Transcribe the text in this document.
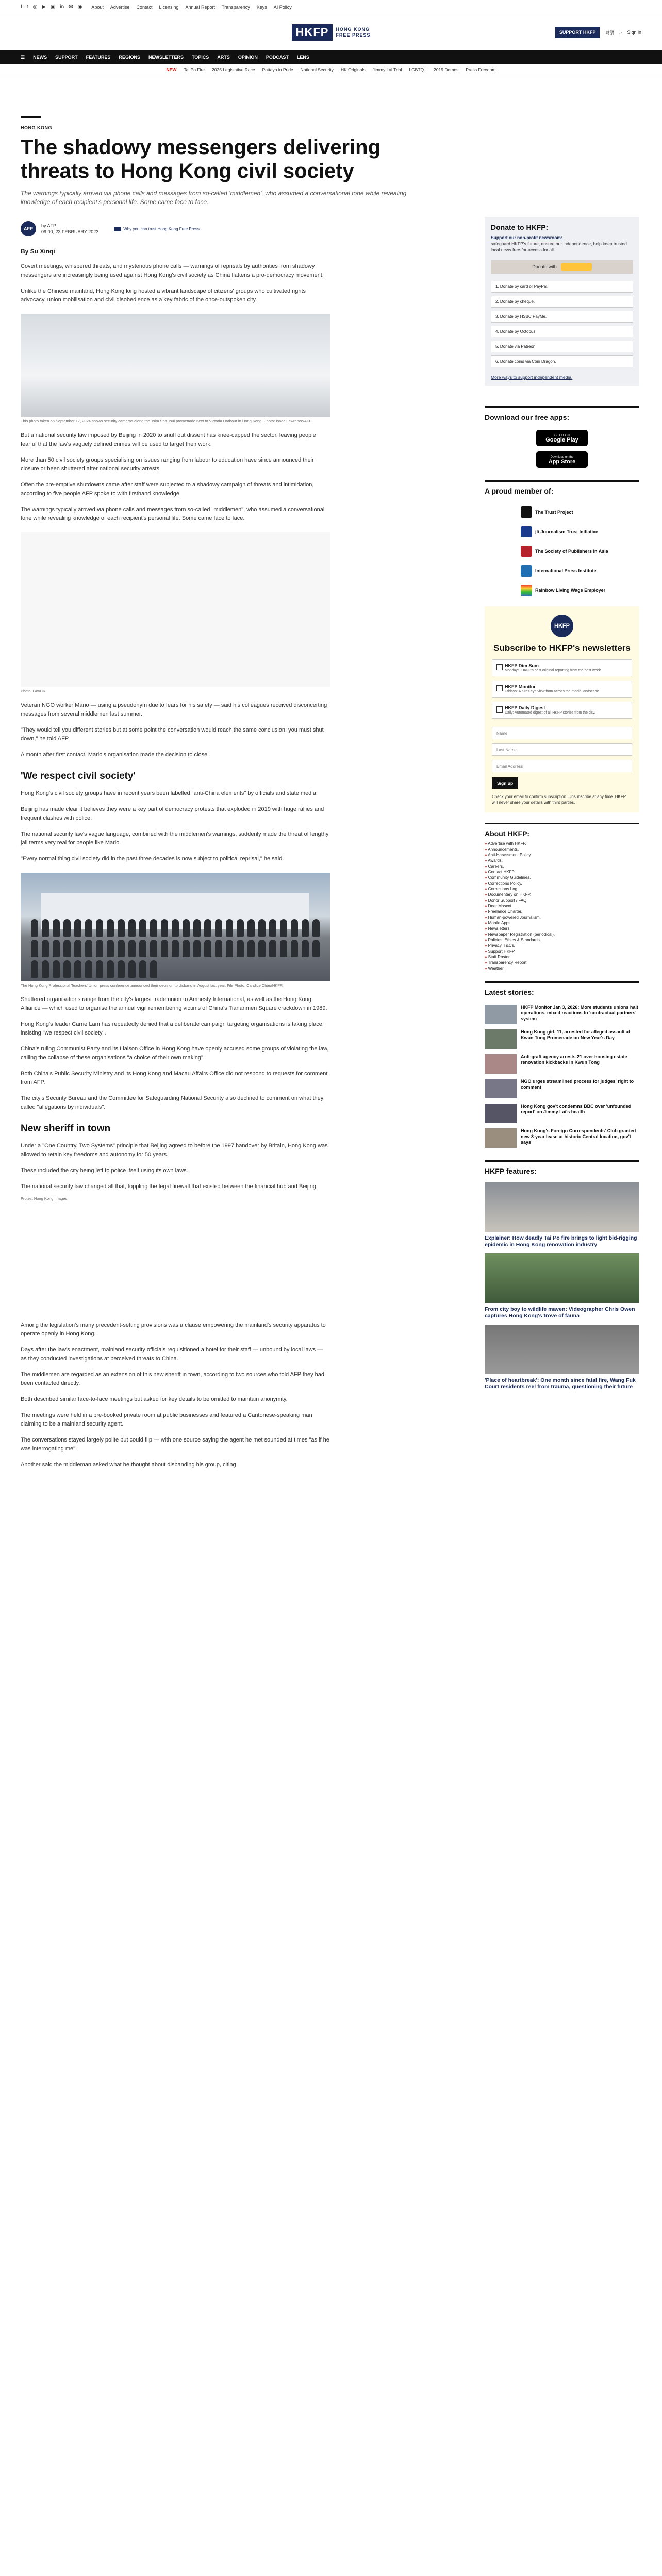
f t ◎ ▶ ▣ in ✉ ◉ About Advertise Contact Licensing Annual Report Transparency Keys AI Policy
HKFP	HONG KONG
FREE PRESS	SUPPORT HKFP	粵語 ⌕ Sign in
☰ NEWS SUPPORT FEATURES REGIONS NEWSLETTERS TOPICS ARTS OPINION PODCAST LENS
NEW Tai Po Fire 2025 Legislative Race Pattaya in Pride National Security HK Originals Jimmy Lai Trial LGBTQ+ 2019 Demos Press Freedom
HONG KONG
The shadowy messengers delivering threats to Hong Kong civil society
The warnings typically arrived via phone calls and messages from so-called 'middlemen', who assumed a conversational tone while revealing knowledge of each recipient's personal life. Some came face to face.
AFP
by AFP
09:00, 23 FEBRUARY 2023
Why you can trust Hong Kong Free Press
By Su Xinqi

Covert meetings, whispered threats, and mysterious phone calls — warnings of reprisals by authorities from shadowy messengers are increasingly being used against Hong Kong's civil society as China flattens a pro-democracy movement.

Unlike the Chinese mainland, Hong Kong long hosted a vibrant landscape of citizens' groups who cultivated rights advocacy, union mobilisation and civil disobedience as a key fabric of the once-outspoken city.

This photo taken on September 17, 2024 shows security cameras along the Tsim Sha Tsui promenade next to Victoria Harbour in Hong Kong. Photo: Isaac Lawrence/AFP.

But a national security law imposed by Beijing in 2020 to snuff out dissent has knee-capped the sector, leaving people fearful that the law's vaguely defined crimes will be used to target their work.

More than 50 civil society groups specialising on issues ranging from labour to education have since announced their closure or been shuttered after national security arrests.

Often the pre-emptive shutdowns came after staff were subjected to a shadowy campaign of threats and intimidation, according to five people AFP spoke to with firsthand knowledge.

The warnings typically arrived via phone calls and messages from so-called "middlemen", who assumed a conversational tone while revealing knowledge of each recipient's personal life. Some came face to face.

Photo: GovHK.

Veteran NGO worker Mario — using a pseudonym due to fears for his safety — said his colleagues received disconcerting messages from several middlemen last summer.

"They would tell you different stories but at some point the conversation would reach the same conclusion: you must shut down," he told AFP.

A month after first contact, Mario's organisation made the decision to close.

'We respect civil society'

Hong Kong's civil society groups have in recent years been labelled "anti-China elements" by officials and state media.

Beijing has made clear it believes they were a key part of democracy protests that exploded in 2019 with huge rallies and frequent clashes with police.

The national security law's vague language, combined with the middlemen's warnings, suddenly made the threat of lengthy jail terms very real for people like Mario.

"Every normal thing civil society did in the past three decades is now subject to political reprisal," he said.

The Hong Kong Professional Teachers' Union press conference announced their decision to disband in August last year. File Photo: Candice Chau/HKFP.

Shuttered organisations range from the city's largest trade union to Amnesty International, as well as the Hong Kong Alliance — which used to organise the annual vigil remembering victims of China's Tiananmen Square crackdown in 1989.

Hong Kong's leader Carrie Lam has repeatedly denied that a deliberate campaign targeting organisations is taking place, insisting "we respect civil society".

China's ruling Communist Party and its Liaison Office in Hong Kong have openly accused some groups of violating the law, calling the collapse of these organisations "a choice of their own making".

Both China's Public Security Ministry and its Hong Kong and Macau Affairs Office did not respond to requests for comment from AFP.

The city's Security Bureau and the Committee for Safeguarding National Security also declined to comment on what they called "allegations by individuals".

New sheriff in town

Under a "One Country, Two Systems" principle that Beijing agreed to before the 1997 handover by Britain, Hong Kong was allowed to retain key freedoms and autonomy for 50 years.

These included the city being left to police itself using its own laws.

The national security law changed all that, toppling the legal firewall that existed between the financial hub and Beijing.

Protest Hong Kong Images

Among the legislation's many precedent-setting provisions was a clause empowering the mainland's security apparatus to operate openly in Hong Kong.

Days after the law's enactment, mainland security officials requisitioned a hotel for their staff — unbound by local laws — as they conducted investigations at perceived threats to China.

The middlemen are regarded as an extension of this new sheriff in town, according to two sources who told AFP they had been contacted directly.

Both described similar face-to-face meetings but asked for key details to be omitted to maintain anonymity.

The meetings were held in a pre-booked private room at public businesses and featured a Cantonese-speaking man claiming to be a mainland security agent.

The conversations stayed largely polite but could flip — with one source saying the agent he met sounded at times "as if he was interrogating me".

Another said the middleman asked what he thought about disbanding his group, citing

Donate to HKFP:

Support our non-profit newsroom:

safeguard HKFP's future, ensure our independence, help keep trusted local news free-for-access for all.

Donate with
1. Donate by card or PayPal.
2. Donate by cheque.
3. Donate by HSBC PayMe.
4. Donate by Octopus.
5. Donate via Patreon.
6. Donate coins via Coin Dragon.
More ways to support independent media.
Download our free apps:
GET IT ON
Google Play
Download on the
App Store
A proud member of:
The Trust Project
jti Journalism Trust Initiative
The Society of Publishers in Asia
International Press Institute
Rainbow Living Wage Employer
HKFP
Subscribe to HKFP's newsletters
HKFP Dim Sum
Mondays: HKFP's best original reporting from the past week.
HKFP Monitor
Fridays: A birds-eye view from across the media landscape.
HKFP Daily Digest
Daily: Automated digest of all HKFP stories from the day.
Name
Last Name
Email Address
Sign up
Check your email to confirm subscription. Unsubscribe at any time. HKFP will never share your details with third parties.
About HKFP:
» Advertise with HKFP.
» Announcements.
» Anti-Harassment Policy.
» Awards.
» Careers.
» Contact HKFP.
» Community Guidelines.
» Corrections Policy.
» Corrections Log.
» Documentary on HKFP.
» Donor Support / FAQ.
» Deer Mascot.
» Freelance Charter.
» Human-powered Journalism.
» Mobile Apps.
» Newsletters.
» Newspaper Registration (periodical).
» Policies, Ethics & Standards.
» Privacy, T&Cs.
» Support HKFP.
» Staff Roster.
» Transparency Report.
» Weather.
Latest stories:
HKFP Monitor Jan 3, 2026: More students unions halt operations, mixed reactions to 'contractual partners' system
Hong Kong girl, 11, arrested for alleged assault at Kwun Tong Promenade on New Year's Day
Anti-graft agency arrests 21 over housing estate renovation kickbacks in Kwun Tong
NGO urges streamlined process for judges' right to comment
Hong Kong gov't condemns BBC over 'unfounded report' on Jimmy Lai's health
Hong Kong's Foreign Correspondents' Club granted new 3-year lease at historic Central location, gov't says
HKFP features:
Explainer: How deadly Tai Po fire brings to light bid-rigging epidemic in Hong Kong renovation industry
From city boy to wildlife maven: Videographer Chris Owen captures Hong Kong's trove of fauna
'Place of heartbreak': One month since fatal fire, Wang Fuk Court residents reel from trauma, questioning their future
